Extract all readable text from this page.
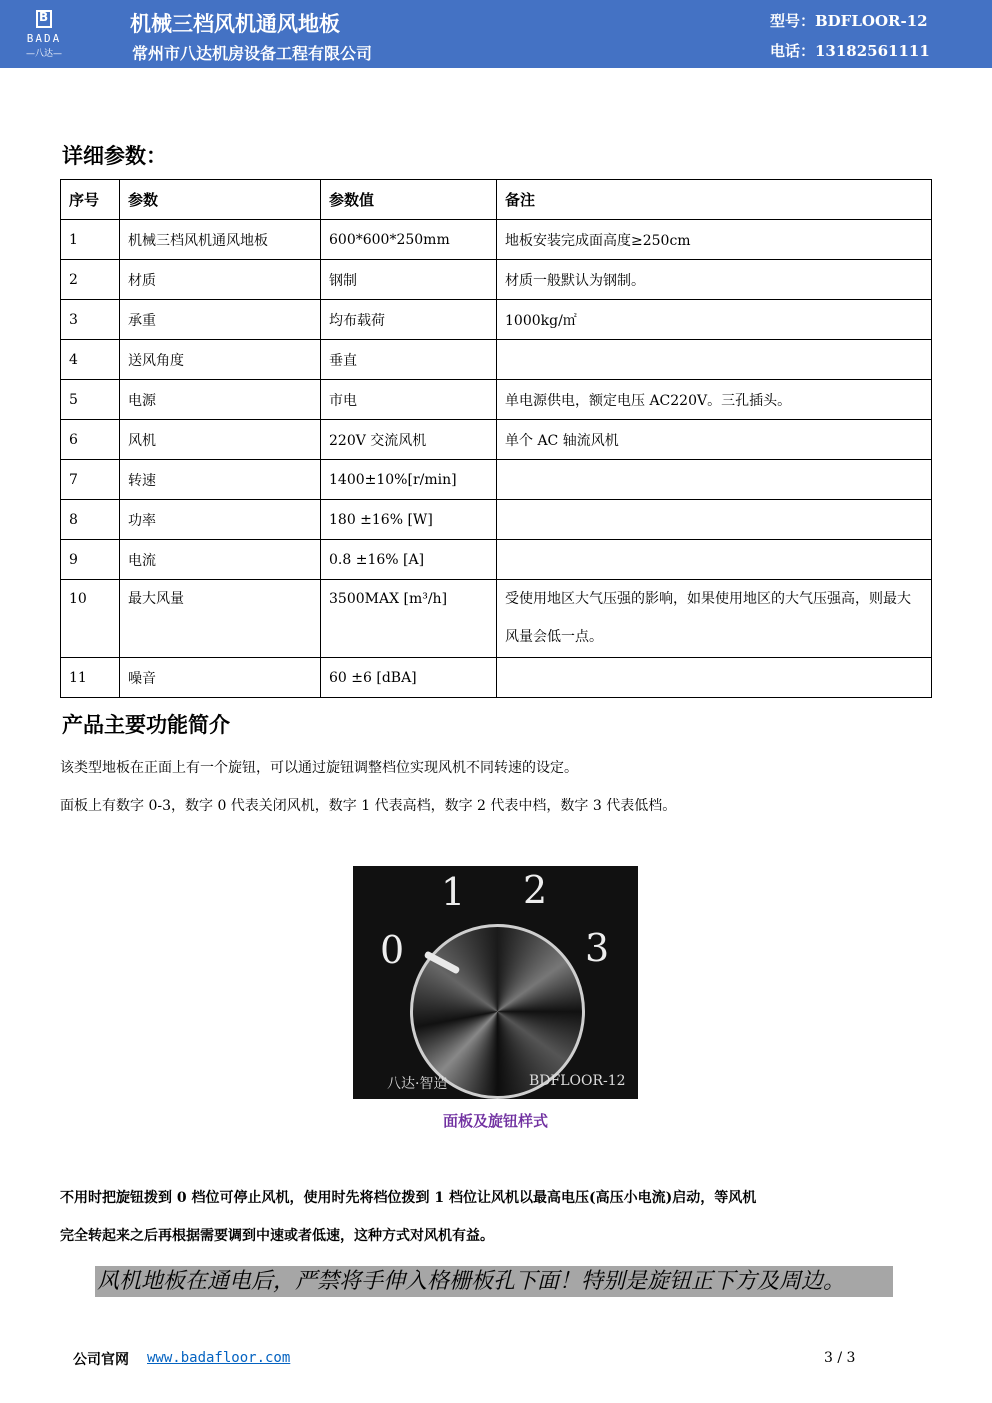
B
BADA
—八达—
机械三档风机通风地板
常州市八达机房设备工程有限公司
型号：BDFLOOR-12
电话：13182561111
详细参数：
序号	参数	参数值	备注
1	机械三档风机通风地板	600*600*250mm	地板安装完成面高度≥250cm
2	材质	钢制	材质一般默认为钢制。
3	承重	均布载荷	1000kg/㎡
4	送风角度	垂直	
5	电源	市电	单电源供电，额定电压 AC220V。三孔插头。
6	风机	220V 交流风机	单个 AC 轴流风机
7	转速	1400±10%[r/min]	
8	功率	180 ±16% [W]	
9	电流	0.8 ±16% [A]	
10	最大风量	3500MAX [m³/h]	受使用地区大气压强的影响，如果使用地区的大气压强高，则最大风量会低一点。
11	噪音	60 ±6 [dBA]	
产品主要功能简介
该类型地板在正面上有一个旋钮，可以通过旋钮调整档位实现风机不同转速的设定。
面板上有数字 0-3，数字 0 代表关闭风机，数字 1 代表高档，数字 2 代表中档，数字 3 代表低档。
0
1 2
3
八达·智造	BDFLOOR-12
面板及旋钮样式
不用时把旋钮拨到 0 档位可停止风机，使用时先将档位拨到 1 档位让风机以最高电压(高压小电流)启动，等风机
完全转起来之后再根据需要调到中速或者低速，这种方式对风机有益。
风机地板在通电后，严禁将手伸入格栅板孔下面！特别是旋钮正下方及周边。
公司官网 www.badafloor.com	3 / 3
